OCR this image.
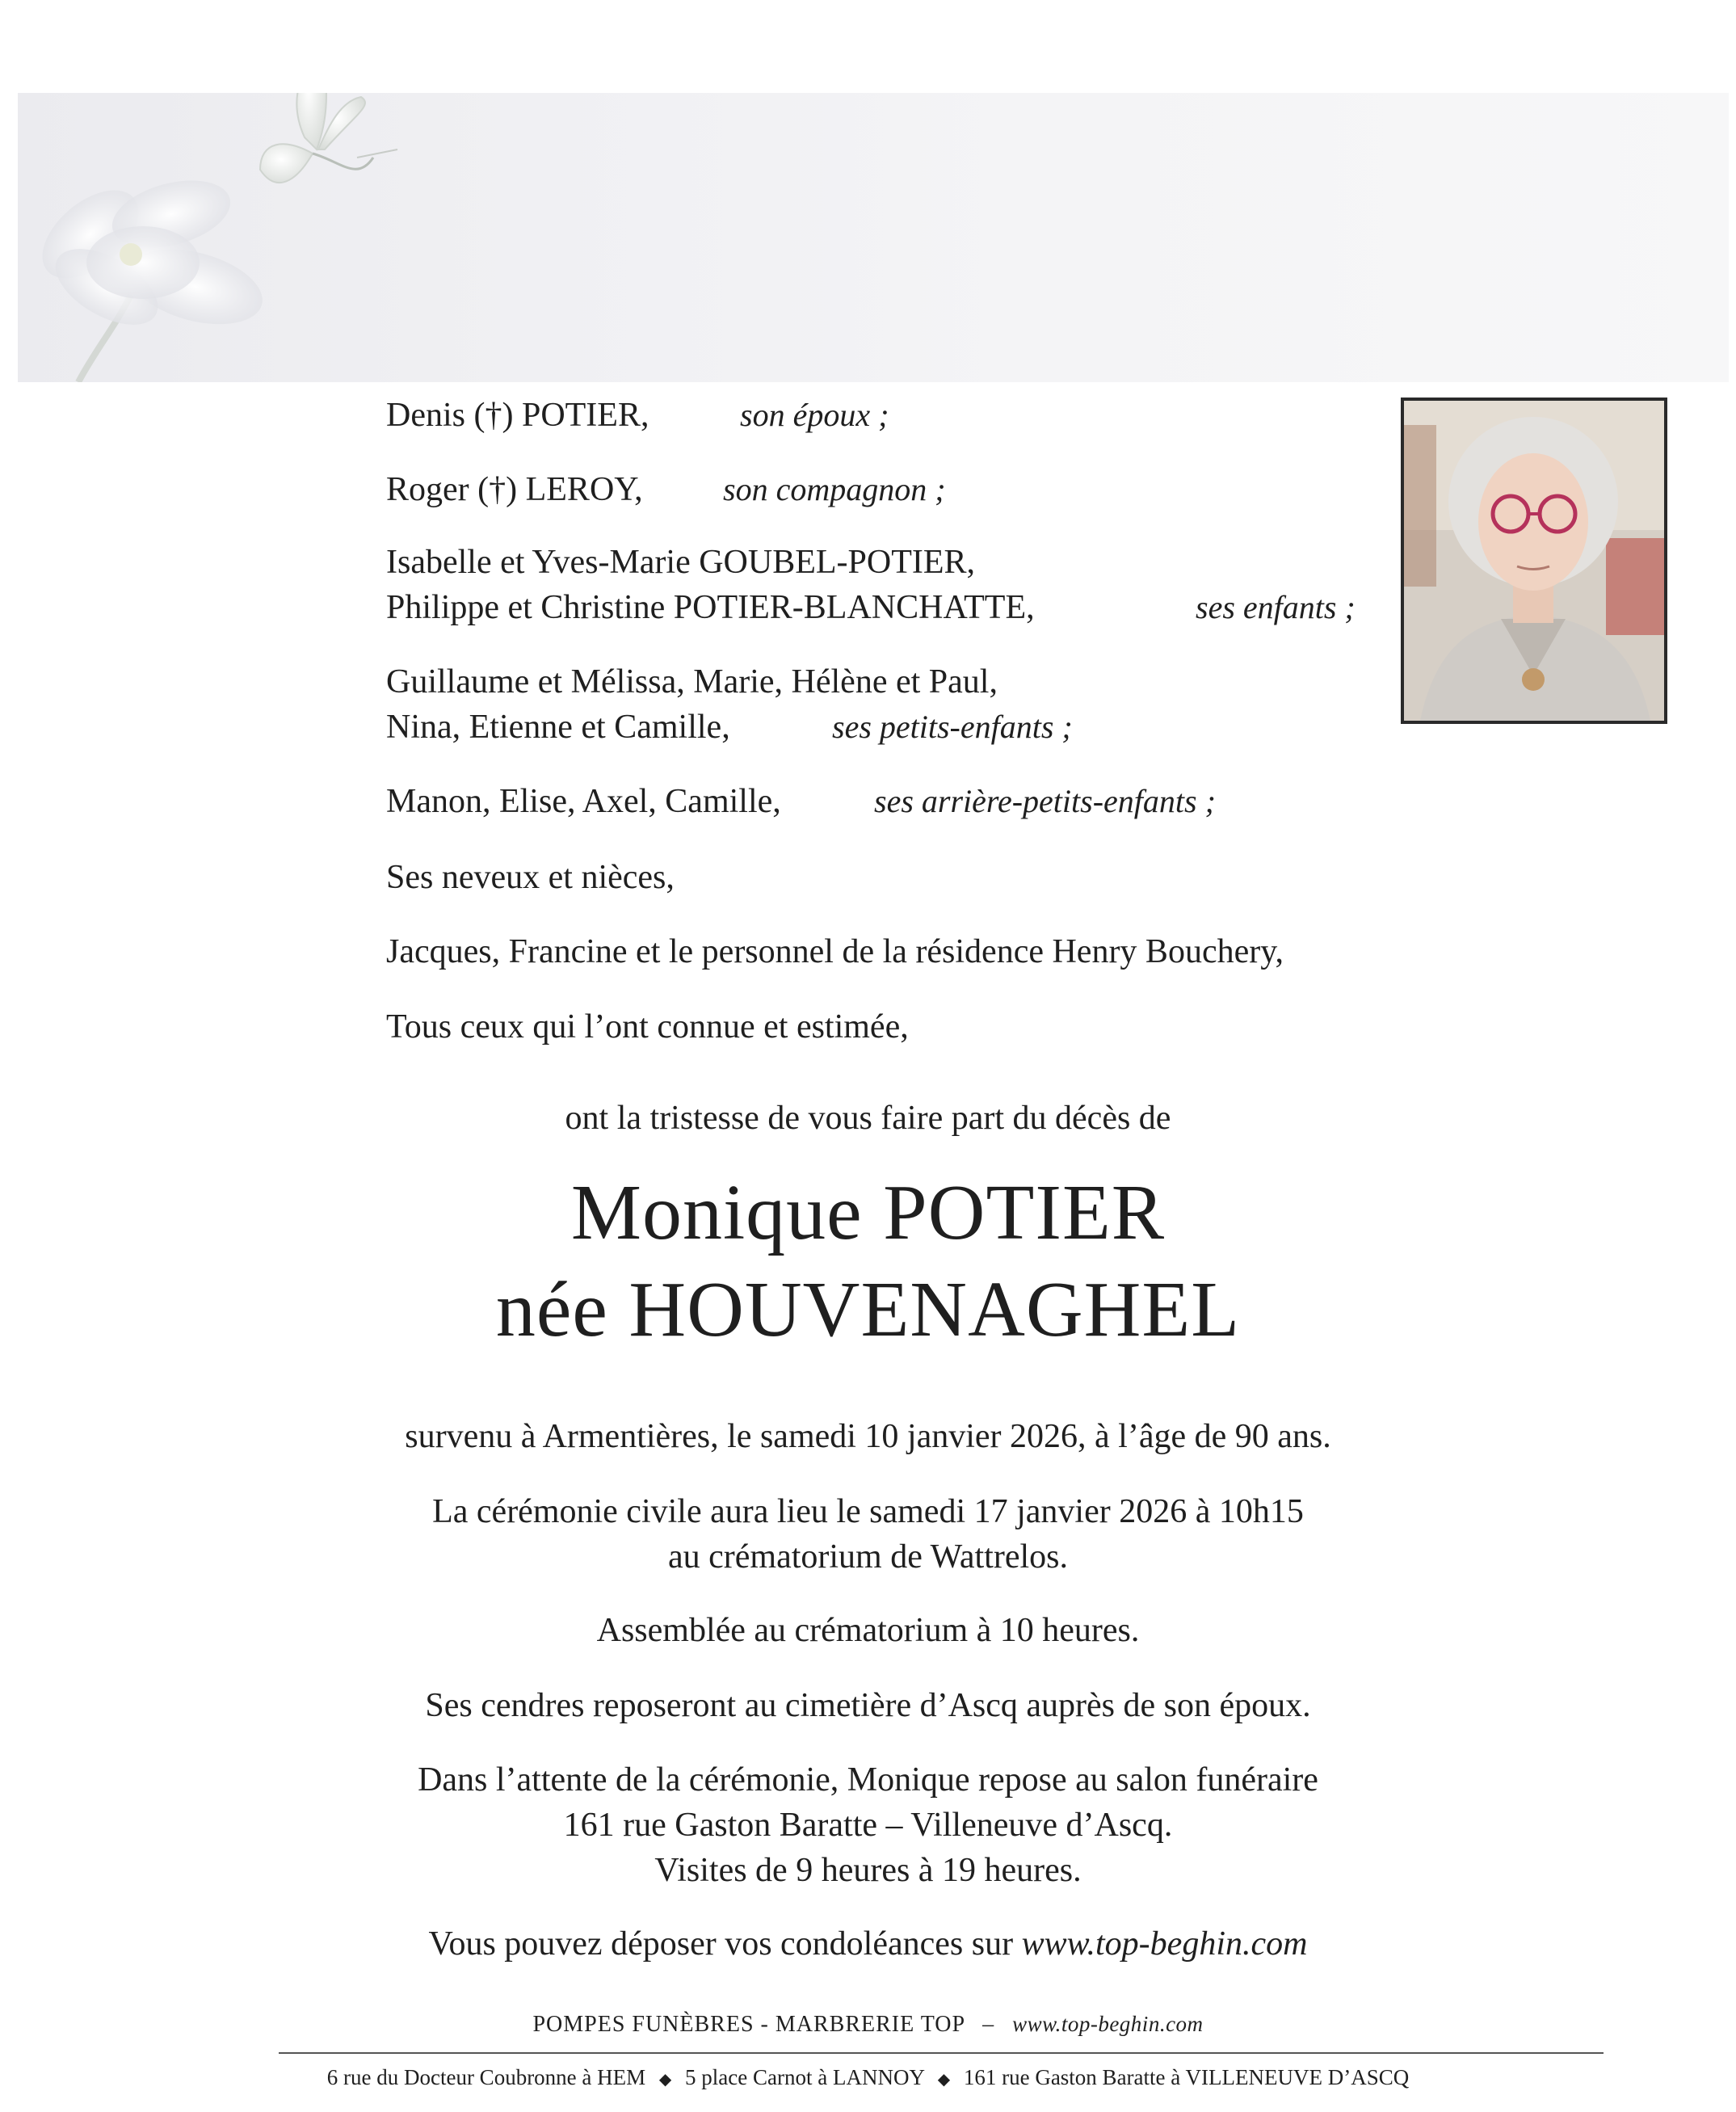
Denis (†) POTIER,	son époux ;
Roger (†) LEROY, son compagnon ;
Isabelle et Yves-Marie GOUBEL-POTIER,
Philippe et Christine POTIER-BLANCHATTE,	ses enfants ;
Guillaume et Mélissa, Marie, Hélène et Paul,
Nina, Etienne et Camille,	ses petits-enfants ;
Manon, Elise, Axel, Camille,	ses arrière-petits-enfants ;
Ses neveux et nièces,
Jacques, Francine et le personnel de la résidence Henry Bouchery,
Tous ceux qui l’ont connue et estimée,
ont la tristesse de vous faire part du décès de
Monique POTIER
née HOUVENAGHEL
survenu à Armentières, le samedi 10 janvier 2026, à l’âge de 90 ans.
La cérémonie civile aura lieu le samedi 17 janvier 2026 à 10h15
au crématorium de Wattrelos.
Assemblée au crématorium à 10 heures.
Ses cendres reposeront au cimetière d’Ascq auprès de son époux.
Dans l’attente de la cérémonie, Monique repose au salon funéraire
161 rue Gaston Baratte – Villeneuve d’Ascq.
Visites de 9 heures à 19 heures.
Vous pouvez déposer vos condoléances sur www.top-beghin.com
POMPES FUNÈBRES - MARBRERIE TOP – www.top-beghin.com
6 rue du Docteur Coubronne à HEM ◆ 5 place Carnot à LANNOY ◆ 161 rue Gaston Baratte à VILLENEUVE D’ASCQ
